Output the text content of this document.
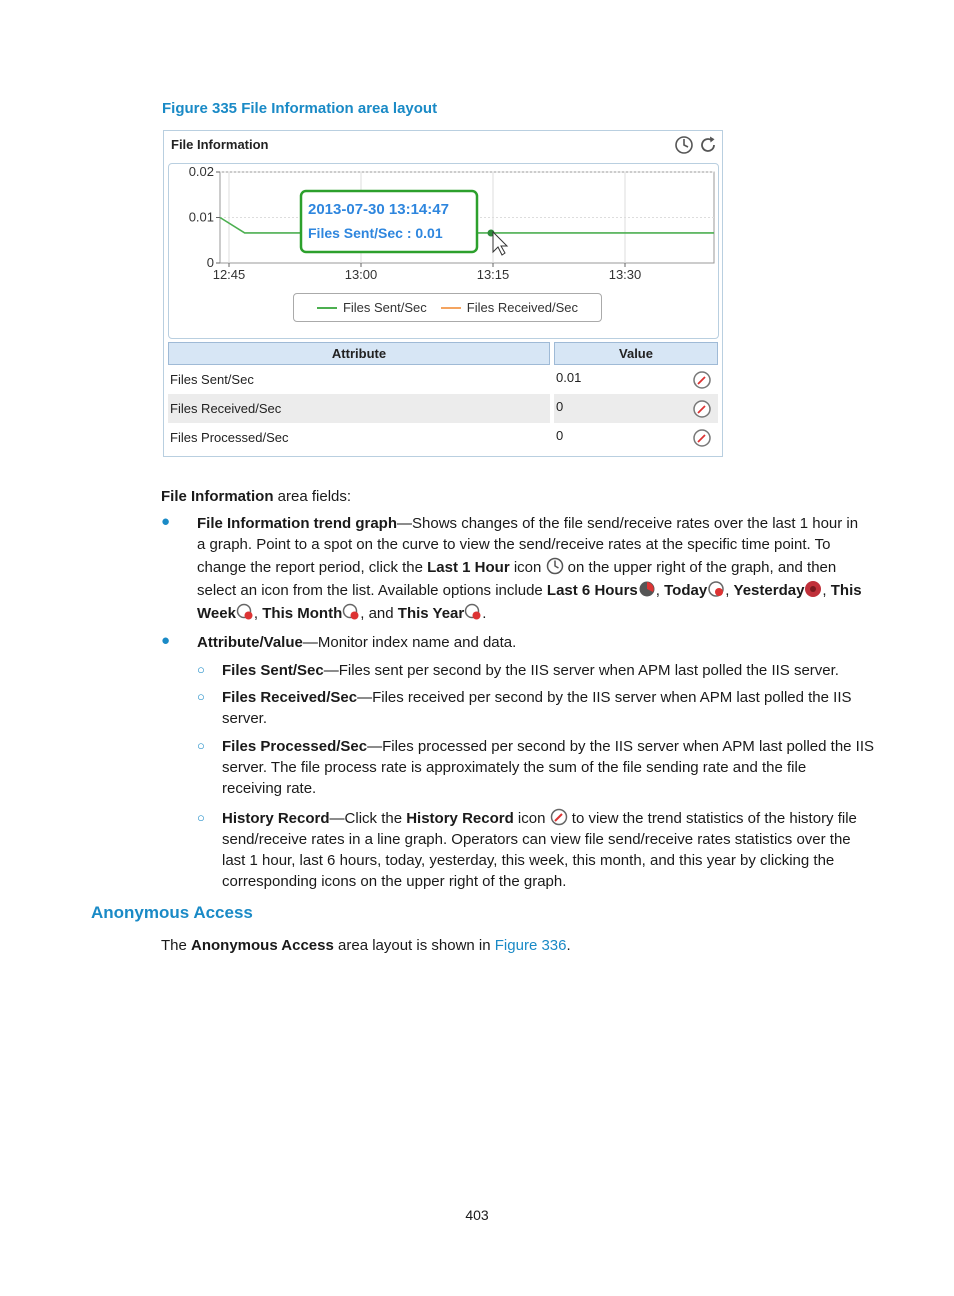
Figure 335 File Information area layout
File Information
12:45	13:00	13:15	13:30
0.02
0.01
0
2013-07-30 13:14:47
Files Sent/Sec : 0.01
Files Sent/Sec	Files Received/Sec
Attribute		Value
Files Sent/Sec		0.01

Files Received/Sec		0

Files Processed/Sec		0
File Information area fields:
● File Information trend graph—Shows changes of the file send/receive rates over the last 1 hour in
a graph. Point to a spot on the curve to view the send/receive rates at the specific time point. To
change the report period, click the Last 1 Hour icon  on the upper right of the graph, and then
select an icon from the list. Available options include Last 6 Hours , Today , Yesterday , This
Week , This Month , and This Year .
● Attribute/Value—Monitor index name and data.
○ Files Sent/Sec—Files sent per second by the IIS server when APM last polled the IIS server.
○ Files Received/Sec—Files received per second by the IIS server when APM last polled the IIS
server.
○ Files Processed/Sec—Files processed per second by the IIS server when APM last polled the IIS
server. The file process rate is approximately the sum of the file sending rate and the file
receiving rate.
○ History Record—Click the History Record icon  to view the trend statistics of the history file
send/receive rates in a line graph. Operators can view file send/receive rates statistics over the
last 1 hour, last 6 hours, today, yesterday, this week, this month, and this year by clicking the
corresponding icons on the upper right of the graph.
Anonymous Access
The Anonymous Access area layout is shown in Figure 336.
403
